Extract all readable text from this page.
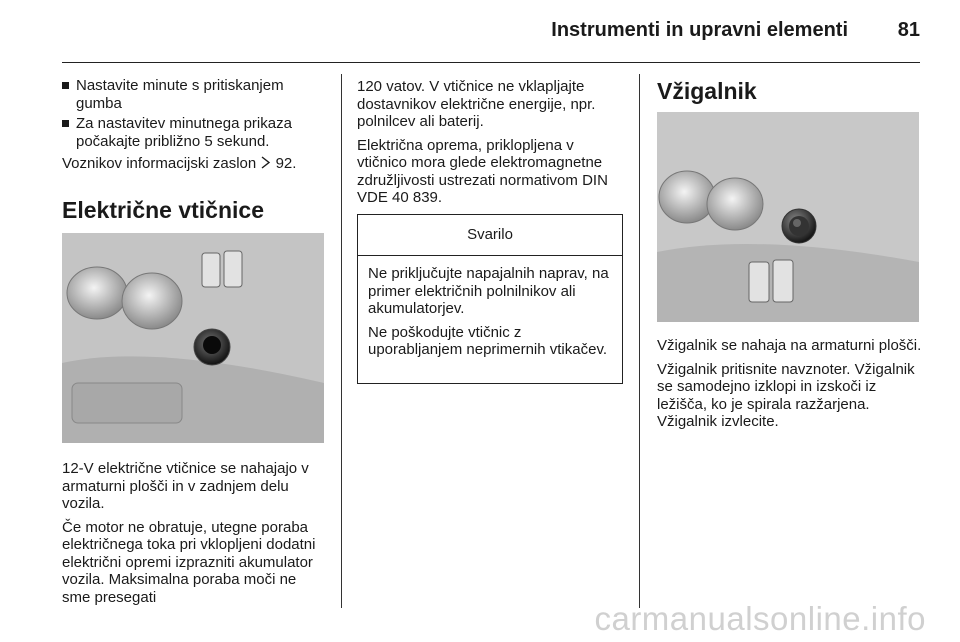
Instrumenti in upravni elementi 81
Nastavite minute s pritiskanjem gumba
Za nastavitev minutnega prikaza počakajte približno 5 sekund.

Voznikov informacijski zaslon 92.

Električne vtičnice

12-V električne vtičnice se nahajajo v armaturni plošči in v zadnjem delu vozila.

Če motor ne obratuje, utegne poraba električnega toka pri vklopljeni dodatni električni opremi izprazniti akumulator vozila. Maksimalna poraba moči ne sme presegati

120 vatov. V vtičnice ne vklapljajte dostavnikov električne energije, npr. polnilcev ali baterij.

Električna oprema, priklopljena v vtičnico mora glede elektromagnetne združljivosti ustrezati normativom DIN VDE 40 839.

Svarilo

Ne priključujte napajalnih naprav, na primer električnih polnilnikov ali akumulatorjev.

Ne poškodujte vtičnic z uporabljanjem neprimernih vtikačev.

Vžigalnik

Vžigalnik se nahaja na armaturni plošči.

Vžigalnik pritisnite navznoter. Vžigalnik se samodejno izklopi in izskoči iz ležišča, ko je spirala razžarjena. Vžigalnik izvlecite.

carmanualsonline.info
